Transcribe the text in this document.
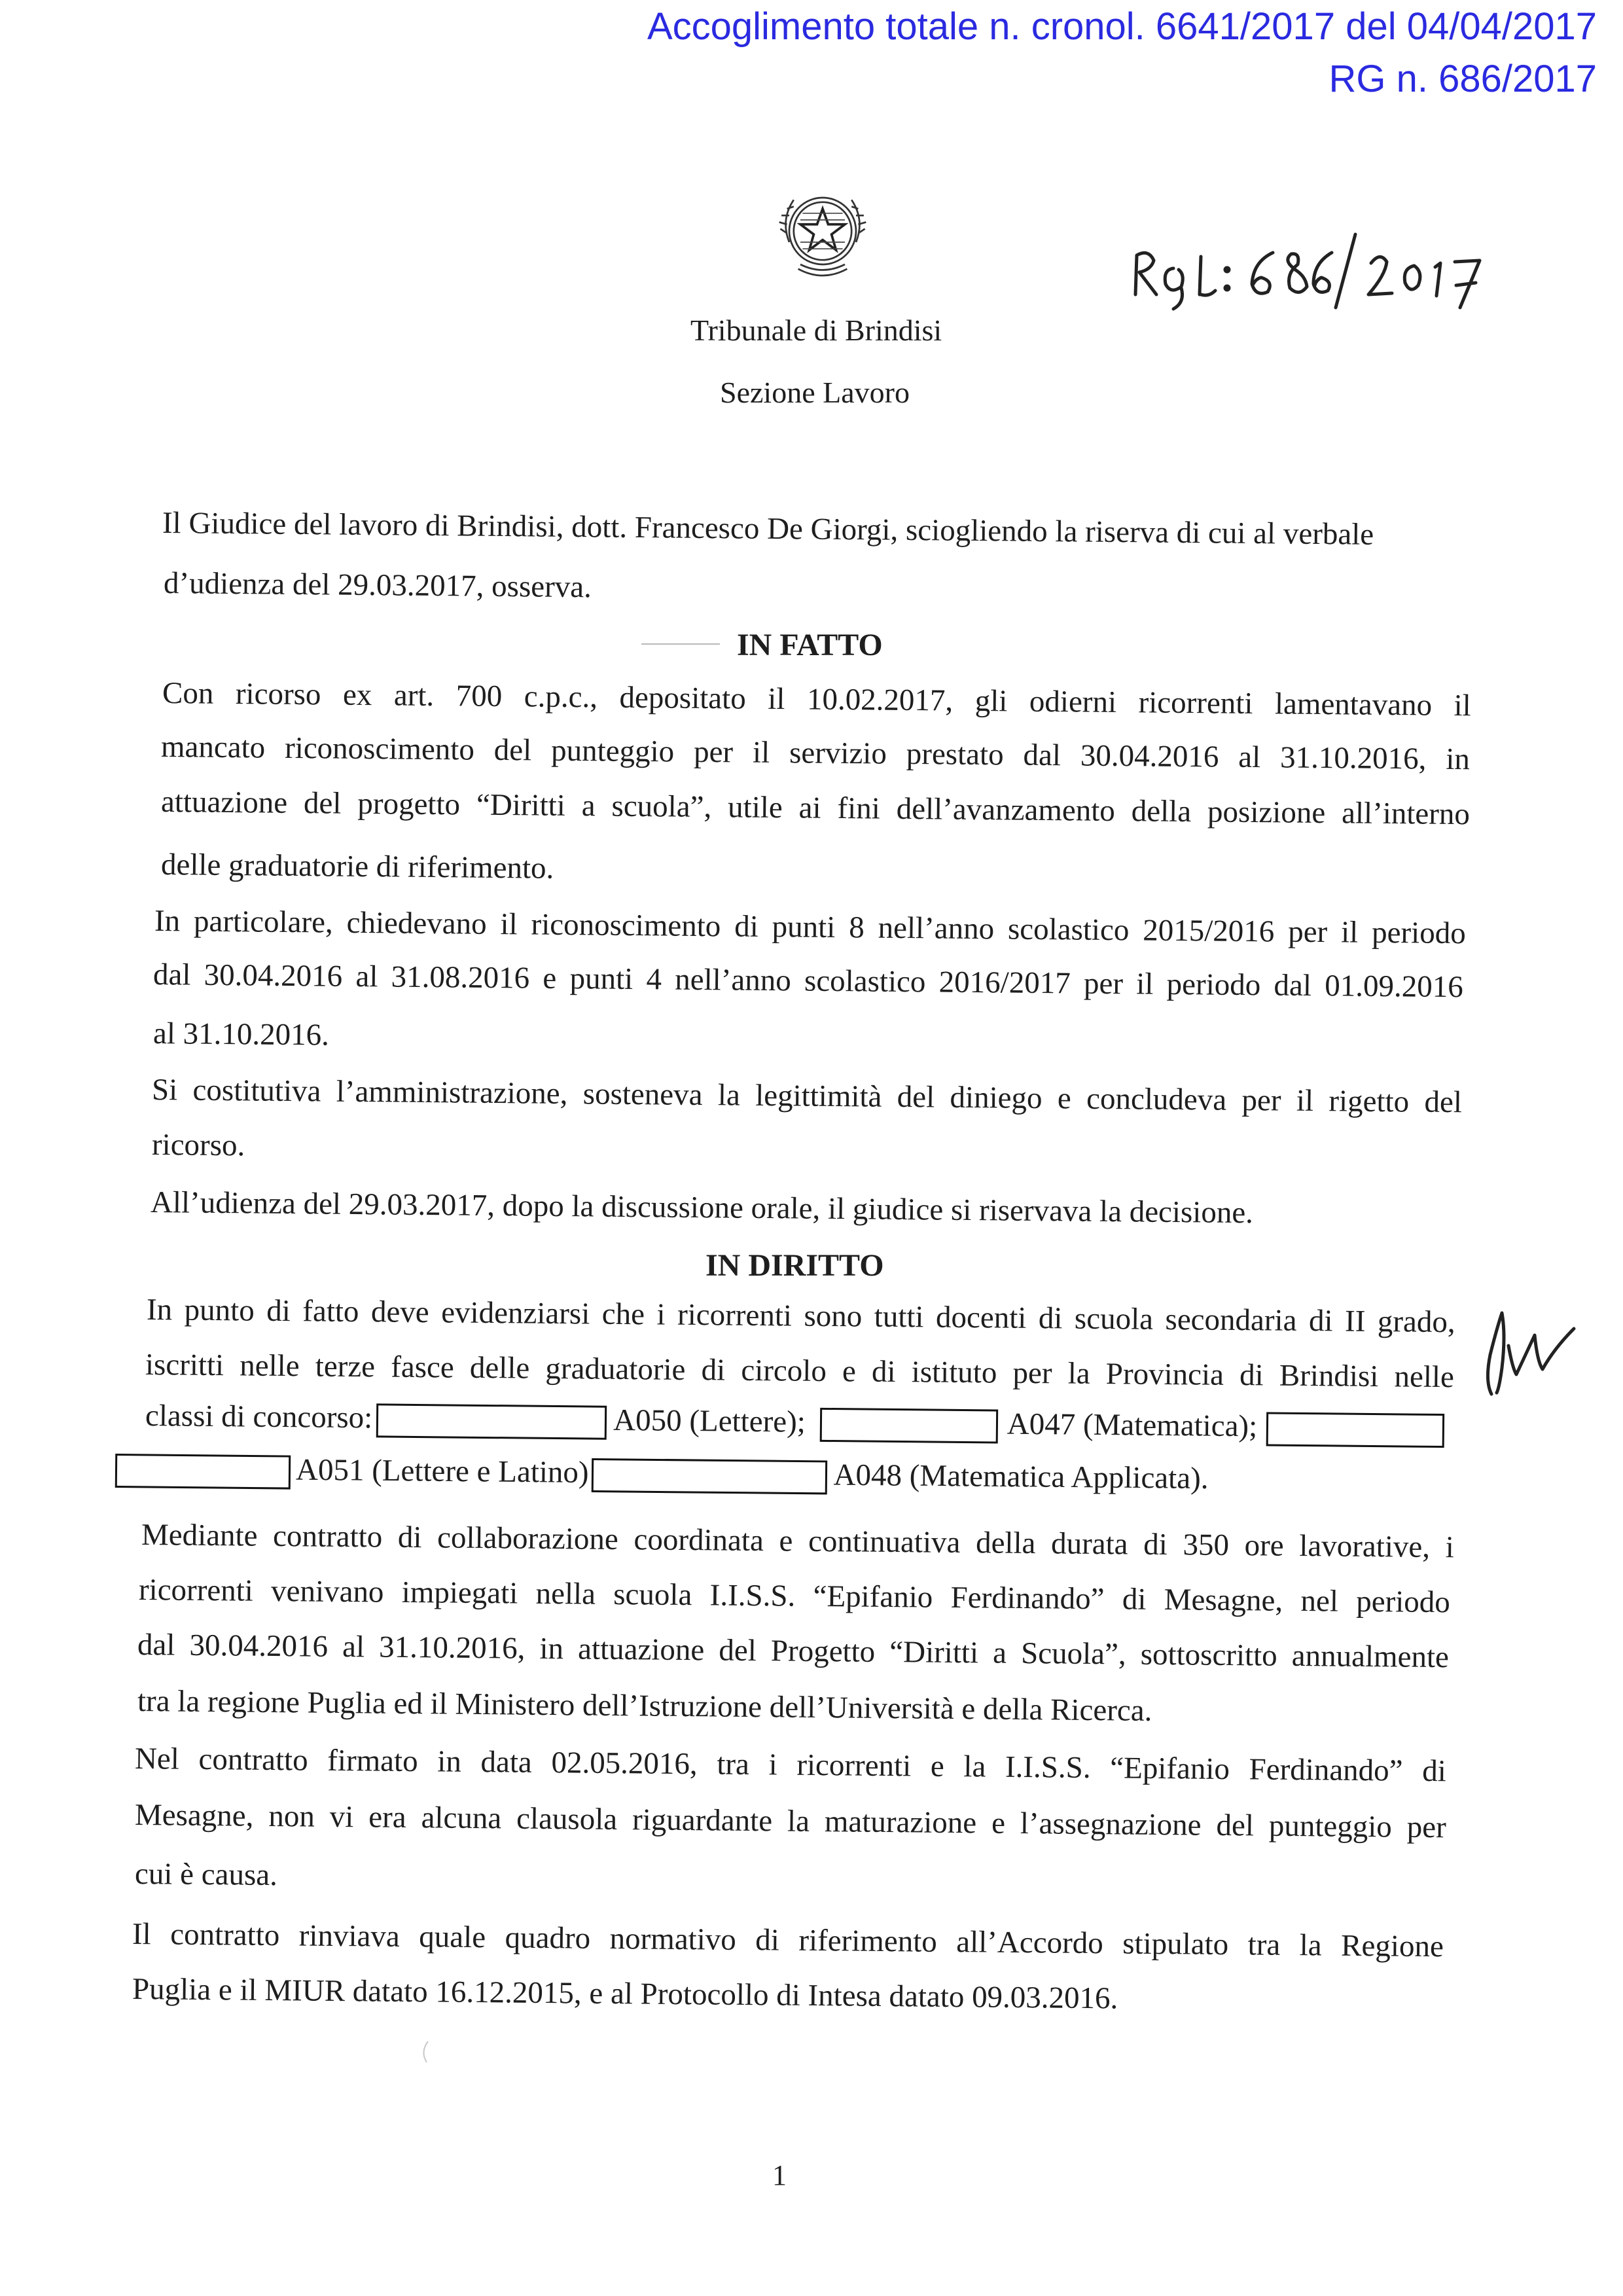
Accoglimento totale n. cronol. 6641/2017 del 04/04/2017
RG n. 686/2017
Tribunale di Brindisi
Sezione Lavoro
Il Giudice del lavoro di Brindisi, dott. Francesco De Giorgi, sciogliendo la riserva di cui al verbale
d’udienza del 29.03.2017, osserva.
IN FATTO
Con ricorso ex art. 700 c.p.c., depositato il 10.02.2017, gli odierni ricorrenti lamentavano il
mancato riconoscimento del punteggio per il servizio prestato dal 30.04.2016 al 31.10.2016, in
attuazione del progetto “Diritti a scuola”, utile ai fini dell’avanzamento della posizione all’interno
delle graduatorie di riferimento.
In particolare, chiedevano il riconoscimento di punti 8 nell’anno scolastico 2015/2016 per il periodo
dal 30.04.2016 al 31.08.2016 e punti 4 nell’anno scolastico 2016/2017 per il periodo dal 01.09.2016
al 31.10.2016.
Si costitutiva l’amministrazione, sosteneva la legittimità del diniego e concludeva per il rigetto del
ricorso.
All’udienza del 29.03.2017, dopo la discussione orale, il giudice si riservava la decisione.
IN DIRITTO
In punto di fatto deve evidenziarsi che i ricorrenti sono tutti docenti di scuola secondaria di II grado,
iscritti nelle terze fasce delle graduatorie di circolo e di istituto per la Provincia di Brindisi nelle
classi di concorso:	A050 (Lettere);	A047 (Matematica);
A051 (Lettere e Latino)	A048 (Matematica Applicata).
Mediante contratto di collaborazione coordinata e continuativa della durata di 350 ore lavorative, i
ricorrenti venivano impiegati nella scuola I.I.S.S. “Epifanio Ferdinando” di Mesagne, nel periodo
dal 30.04.2016 al 31.10.2016, in attuazione del Progetto “Diritti a Scuola”, sottoscritto annualmente
tra la regione Puglia ed il Ministero dell’Istruzione dell’Università e della Ricerca.
Nel contratto firmato in data 02.05.2016, tra i ricorrenti e la I.I.S.S. “Epifanio Ferdinando” di
Mesagne, non vi era alcuna clausola riguardante la maturazione e l’assegnazione del punteggio per
cui è causa.
Il contratto rinviava quale quadro normativo di riferimento all’Accordo stipulato tra la Regione
Puglia e il MIUR datato 16.12.2015, e al Protocollo di Intesa datato 09.03.2016.
1
